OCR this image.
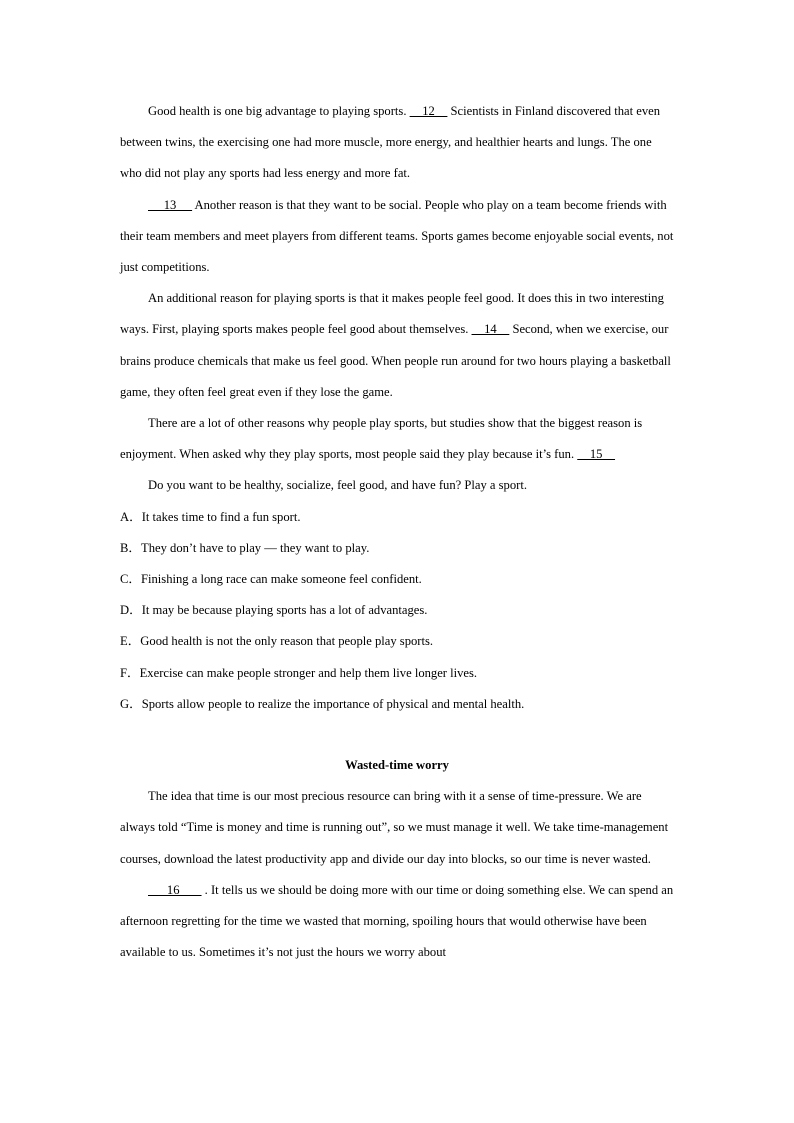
Good health is one big advantage to playing sports.     12     Scientists in Finland discovered that even between twins, the exercising one had more muscle, more energy, and healthier hearts and lungs. The one who did not play any sports had less energy and more fat.

13      Another reason is that they want to be social. People who play on a team become friends with their team members and meet players from different teams. Sports games become enjoyable social events, not just competitions.

An additional reason for playing sports is that it makes people feel good. It does this in two interesting ways. First, playing sports makes people feel good about themselves.     14     Second, when we exercise, our brains produce chemicals that make us feel good. When people run around for two hours playing a basketball game, they often feel great even if they lose the game.

There are a lot of other reasons why people play sports, but studies show that the biggest reason is enjoyment. When asked why they play sports, most people said they play because it’s fun.     15

Do you want to be healthy, socialize, feel good, and have fun? Play a sport.

A．It takes time to find a fun sport.

B．They don’t have to play — they want to play.

C．Finishing a long race can make someone feel confident.

D．It may be because playing sports has a lot of advantages.

E．Good health is not the only reason that people play sports.

F．Exercise can make people stronger and help them live longer lives.

G．Sports allow people to realize the importance of physical and mental health.

Wasted-time worry

The idea that time is our most precious resource can bring with it a sense of time-pressure. We are always told “Time is money and time is running out”, so we must manage it well. We take time-management courses, download the latest productivity app and divide our day into blocks, so our time is never wasted.

16        . It tells us we should be doing more with our time or doing something else. We can spend an afternoon regretting for the time we wasted that morning, spoiling hours that would otherwise have been available to us. Sometimes it’s not just the hours we worry about
